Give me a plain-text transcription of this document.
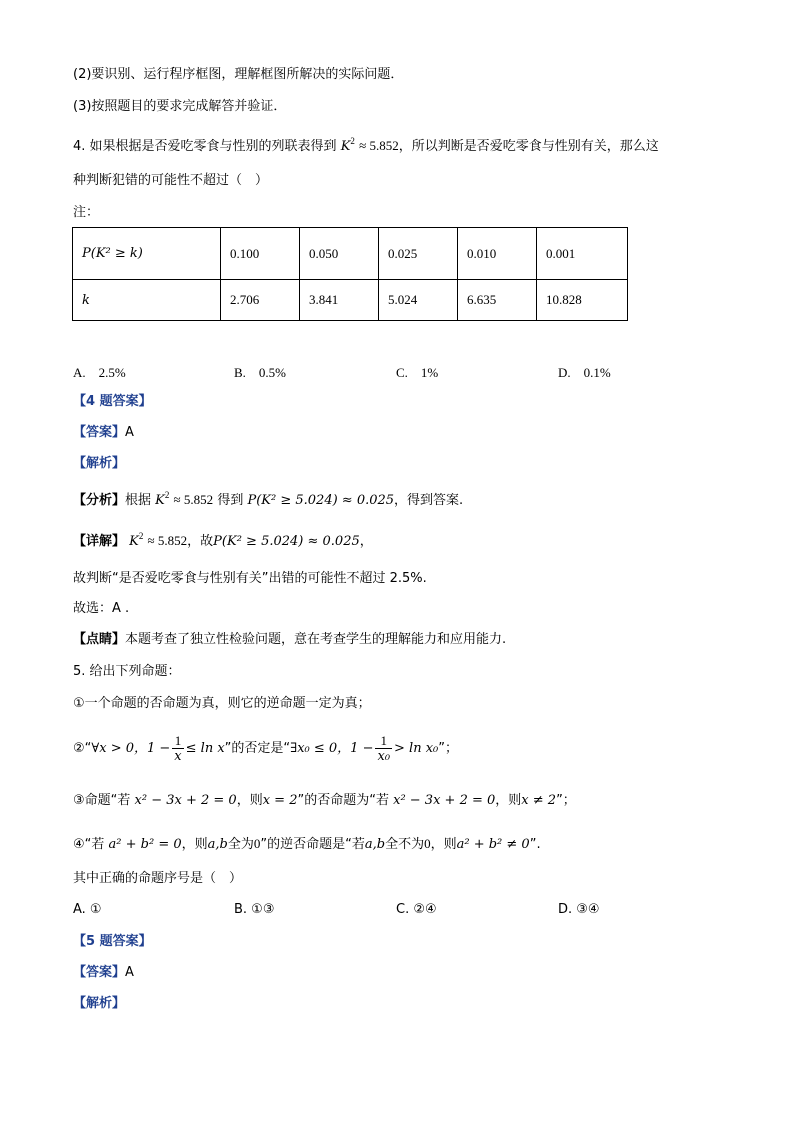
(2)要识别、运行程序框图，理解框图所解决的实际问题．
(3)按照题目的要求完成解答并验证．
4. 如果根据是否爱吃零食与性别的列联表得到 $K^2 \approx 5.852$，所以判断是否爱吃零食与性别有关，那么这
种判断犯错的可能性不超过（　）
注：
P(K² ≥ k)	0.100	0.050	0.025	0.010	0.001
k	2.706	3.841	5.024	6.635	10.828
A.　2.5%	B.　0.5%	C.　1%	D.　0.1%
【4 题答案】
【答案】A
【解析】
【分析】根据 $K^2 \approx 5.852$ 得到 P(K² ≥ 5.024) ≈ 0.025，得到答案.
【详解】 $K^2 \approx 5.852$，故P(K² ≥ 5.024) ≈ 0.025，
故判断“是否爱吃零食与性别有关”出错的可能性不超过 2.5%.
故选：A .
【点睛】本题考查了独立性检验问题，意在考查学生的理解能力和应用能力.
5. 给出下列命题：
①一个命题的否命题为真，则它的逆命题一定为真；
②“∀x > 0，$1 - \frac{1}{x} \le \ln x$”的否定是“∃x₀ ≤ 0，$1 - \frac{1}{\text{x₀}} > \ln x_0$”；
③命题“若 x² − 3x + 2 = 0，则x = 2”的否命题为“若 x² − 3x + 2 = 0，则x ≠ 2”；
④“若 a² + b² = 0，则a,b全为0”的逆否命题是“若a,b全不为0，则a² + b² ≠ 0”.
其中正确的命题序号是（　）
A. ①	B. ①③	C. ②④	D. ③④
【5 题答案】
【答案】A
【解析】
